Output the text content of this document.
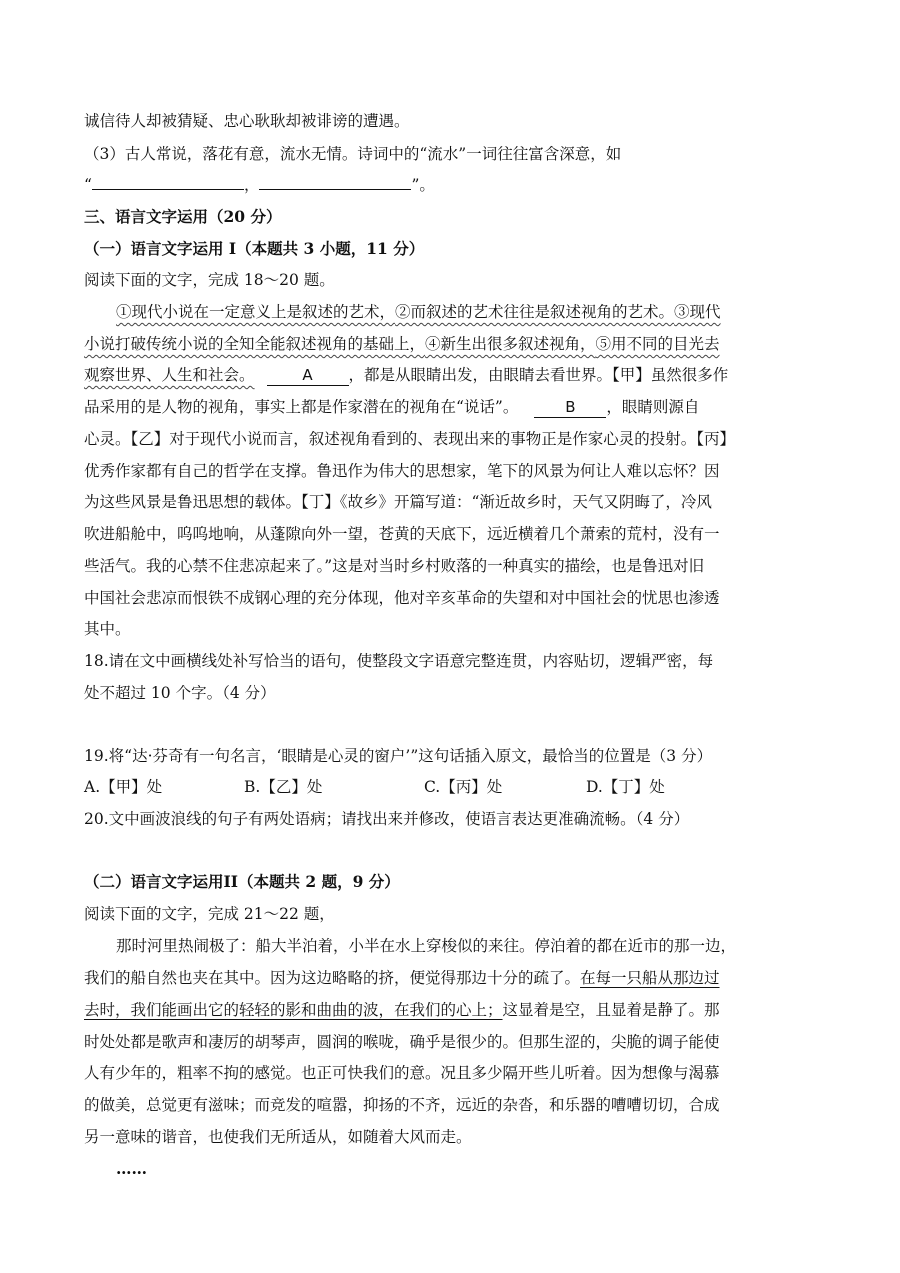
诚信待人却被猜疑、忠心耿耿却被诽谤的遭遇。
（3）古人常说，落花有意，流水无情。诗词中的“流水”一词往往富含深意，如
“	，	”。
三、语言文字运用（20 分）
（一）语言文字运用 I（本题共 3 小题，11 分）
阅读下面的文字，完成 18～20 题。
①现代小说在一定意义上是叙述的艺术，②而叙述的艺术往往是叙述视角的艺术。③现代
小说打破传统小说的全知全能叙述视角的基础上，④新生出很多叙述视角，⑤用不同的目光去
观察世界、人生和社会。	A ，都是从眼睛出发，由眼睛去看世界。【甲】虽然很多作
品采用的是人物的视角，事实上都是作家潜在的视角在“说话”。	B ，眼睛则源自
心灵。【乙】对于现代小说而言，叙述视角看到的、表现出来的事物正是作家心灵的投射。【丙】
优秀作家都有自己的哲学在支撑。鲁迅作为伟大的思想家，笔下的风景为何让人难以忘怀？因
为这些风景是鲁迅思想的载体。【丁】《故乡》开篇写道：“渐近故乡时，天气又阴晦了，冷风
吹进船舱中，呜呜地响，从蓬隙向外一望，苍黄的天底下，远近横着几个萧索的荒村，没有一
些活气。我的心禁不住悲凉起来了。”这是对当时乡村败落的一种真实的描绘，也是鲁迅对旧
中国社会悲凉而恨铁不成钢心理的充分体现，他对辛亥革命的失望和对中国社会的忧思也渗透
其中。
18.请在文中画横线处补写恰当的语句，使整段文字语意完整连贯，内容贴切，逻辑严密，每
处不超过 10 个字。（4 分）
19.将“达·芬奇有一句名言，‘眼睛是心灵的窗户’”这句话插入原文，最恰当的位置是（3 分）
A.【甲】处	B.【乙】处	C.【丙】处	D.【丁】处
20.文中画波浪线的句子有两处语病；请找出来并修改，使语言表达更准确流畅。（4 分）
（二）语言文字运用II（本题共 2 题，9 分）
阅读下面的文字，完成 21～22 题，
那时河里热闹极了：船大半泊着，小半在水上穿梭似的来往。停泊着的都在近市的那一边，
我们的船自然也夹在其中。因为这边略略的挤，便觉得那边十分的疏了。在每一只船从那边过
去时，我们能画出它的轻轻的影和曲曲的波，在我们的心上；这显着是空，且显着是静了。那
时处处都是歌声和凄厉的胡琴声，圆润的喉咙，确乎是很少的。但那生涩的，尖脆的调子能使
人有少年的，粗率不拘的感觉。也正可快我们的意。况且多少隔开些儿听着。因为想像与渴慕
的做美，总觉更有滋味；而竞发的喧嚣，抑扬的不齐，远近的杂沓，和乐器的嘈嘈切切，合成
另一意味的谐音，也使我们无所适从，如随着大风而走。
……
